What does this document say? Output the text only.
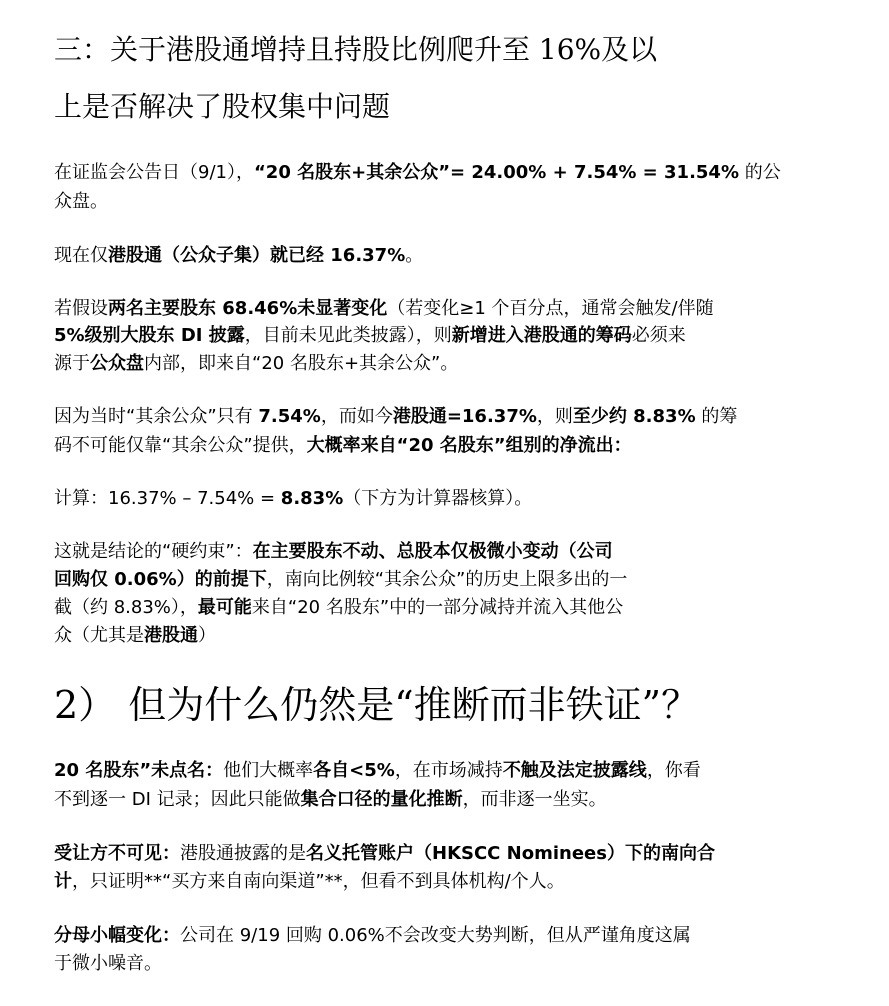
三：关于港股通增持且持股比例爬升至 16%及以
上是否解决了股权集中问题
在证监会公告日（9/1），“20 名股东+其余公众”= 24.00% + 7.54% = 31.54% 的公
众盘。
现在仅港股通（公众子集）就已经 16.37%。
若假设两名主要股东 68.46%未显著变化（若变化≥1 个百分点，通常会触发/伴随
5%级别大股东 DI 披露，目前未见此类披露），则新增进入港股通的筹码必须来
源于公众盘内部，即来自“20 名股东+其余公众”。
因为当时“其余公众”只有 7.54%，而如今港股通=16.37%，则至少约 8.83% 的筹
码不可能仅靠“其余公众”提供，大概率来自“20 名股东”组别的净流出：
计算：16.37% – 7.54% = 8.83%（下方为计算器核算）。
这就是结论的“硬约束”：在主要股东不动、总股本仅极微小变动（公司
回购仅 0.06%）的前提下，南向比例较“其余公众”的历史上限多出的一
截（约 8.83%），最可能来自“20 名股东”中的一部分减持并流入其他公
众（尤其是港股通）
2） 但为什么仍然是“推断而非铁证”？
20 名股东”未点名：他们大概率各自<5%，在市场减持不触及法定披露线，你看
不到逐一 DI 记录；因此只能做集合口径的量化推断，而非逐一坐实。
受让方不可见：港股通披露的是名义托管账户（HKSCC Nominees）下的南向合
计，只证明**“买方来自南向渠道”**，但看不到具体机构/个人。
分母小幅变化：公司在 9/19 回购 0.06%不会改变大势判断，但从严谨角度这属
于微小噪音。
